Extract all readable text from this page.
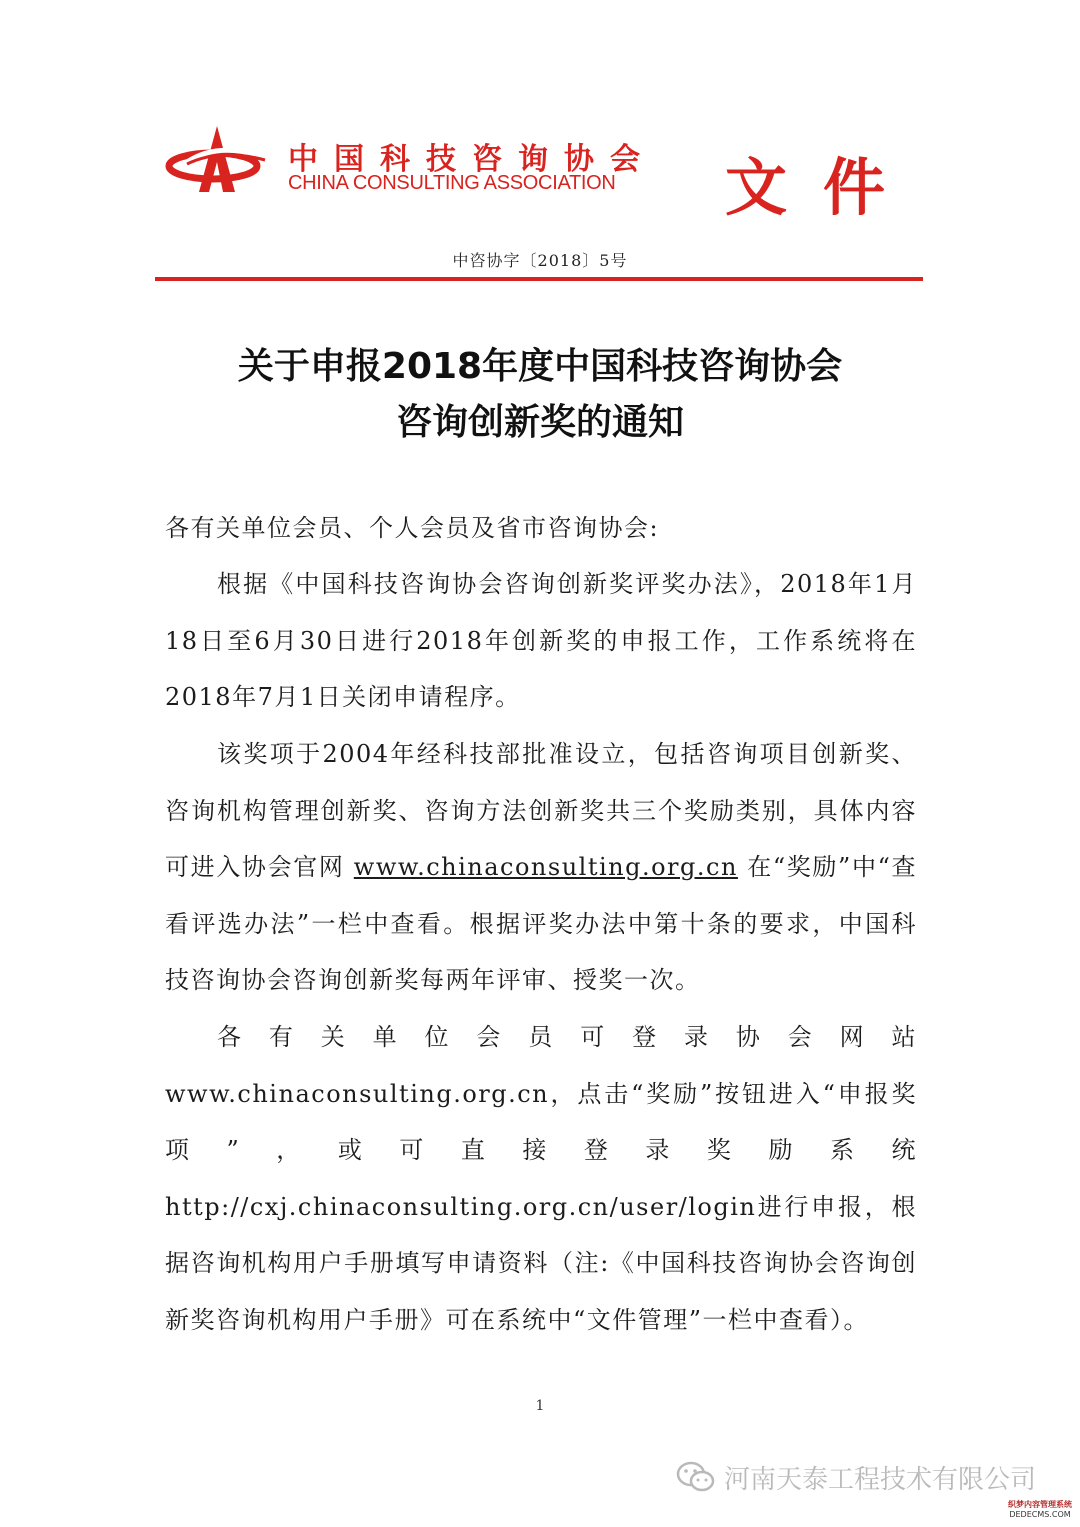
中国科技咨询协会
CHINA CONSULTING ASSOCIATION 文件
中咨协字〔2018〕5号
关于申报2018年度中国科技咨询协会
咨询创新奖的通知
各有关单位会员、个人会员及省市咨询协会:
根据《中国科技咨询协会咨询创新奖评奖办法》，2018年1月18日至6月30日进行2018年创新奖的申报工作，工作系统将在2018年7月1日关闭申请程序。
该奖项于2004年经科技部批准设立，包括咨询项目创新奖、咨询机构管理创新奖、咨询方法创新奖共三个奖励类别，具体内容可进入协会官网 www.chinaconsulting.org.cn 在“奖励”中“查看评选办法”一栏中查看。根据评奖办法中第十条的要求，中国科技咨询协会咨询创新奖每两年评审、授奖一次。
各有关单位会员可登录协会网站www.chinaconsulting.org.cn，点击“奖励”按钮进入“申报奖项”，或可直接登录奖励系统http://cxj.chinaconsulting.org.cn/user/login进行申报，根据咨询机构用户手册填写申请资料（注:《中国科技咨询协会咨询创新奖咨询机构用户手册》可在系统中“文件管理”一栏中查看）。
1
河南天泰工程技术有限公司
织梦内容管理系统
DEDECMS.COM
